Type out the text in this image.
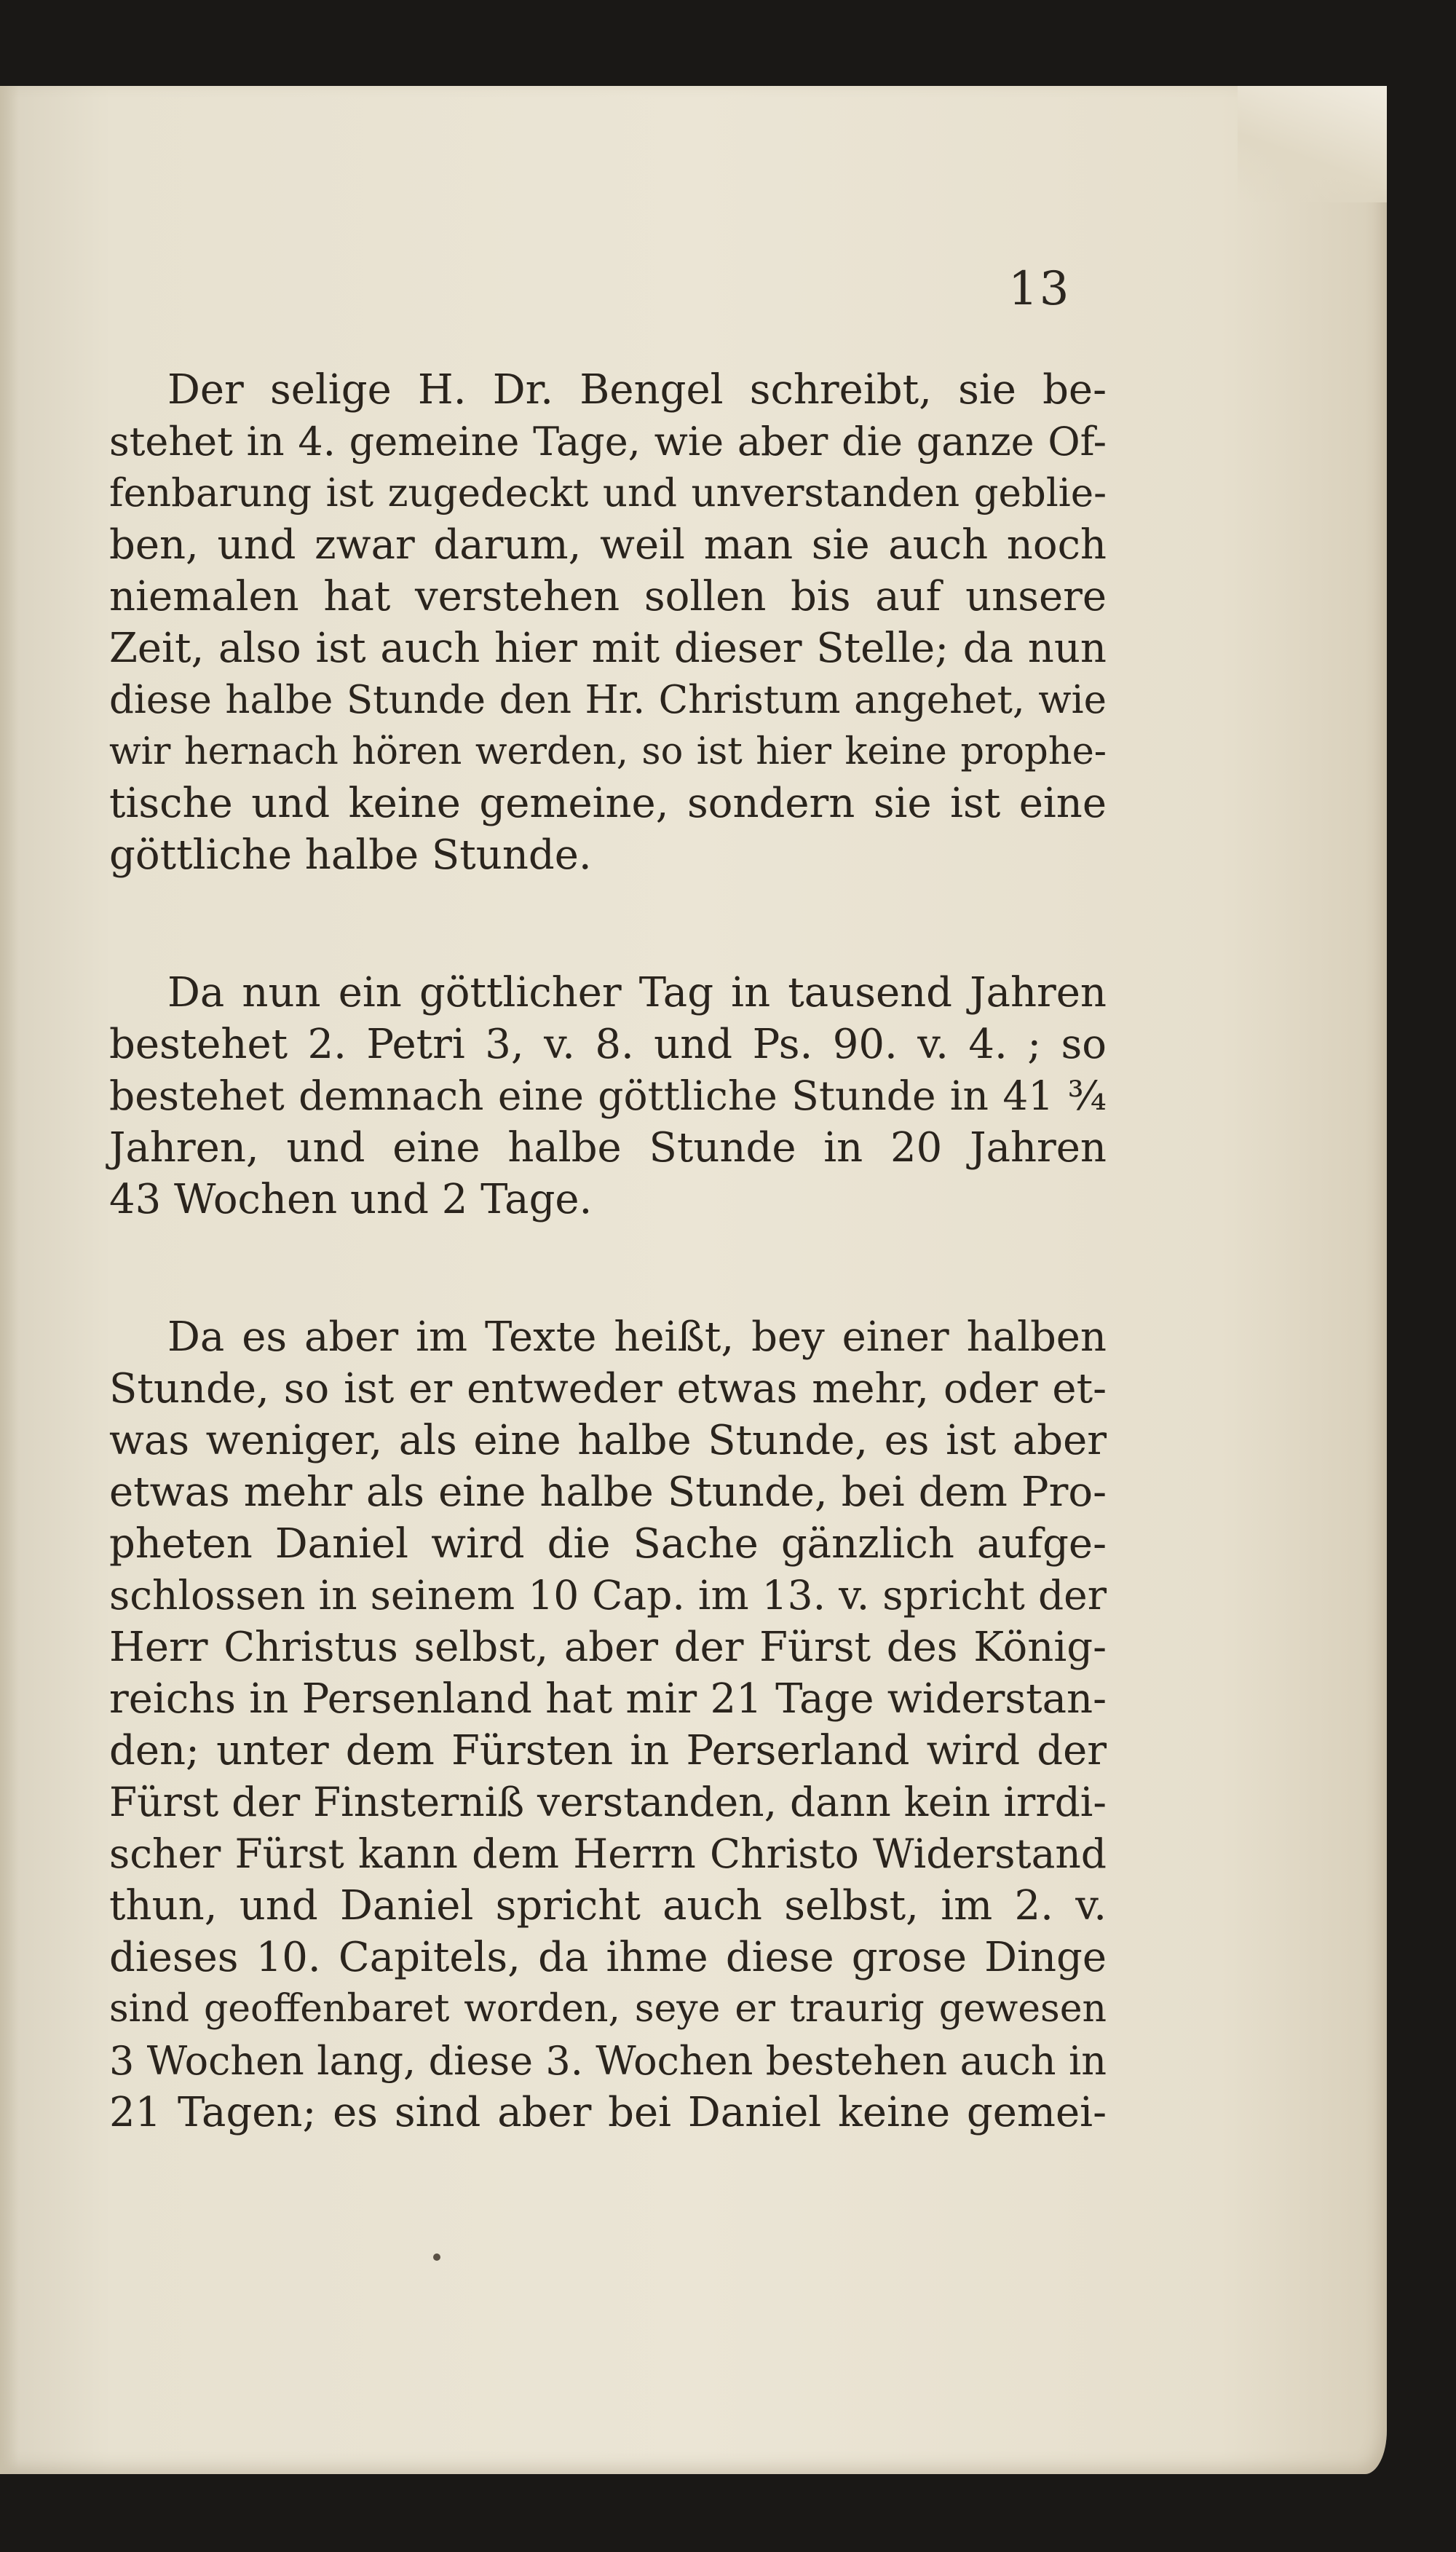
13
Der selige H. Dr. Bengel schreibt, sie be-
stehet in 4. gemeine Tage, wie aber die ganze Of-
fenbarung ist zugedeckt und unverstanden geblie-
ben, und zwar darum, weil man sie auch noch
niemalen hat verstehen sollen bis auf unsere
Zeit, also ist auch hier mit dieser Stelle; da nun
diese halbe Stunde den Hr. Christum angehet, wie
wir hernach hören werden, so ist hier keine prophe-
tische und keine gemeine, sondern sie ist eine
göttliche halbe Stunde.
Da nun ein göttlicher Tag in tausend Jahren
bestehet 2. Petri 3, v. 8. und Ps. 90. v. 4. ; so
bestehet demnach eine göttliche Stunde in 41 ¾
Jahren, und eine halbe Stunde in 20 Jahren
43 Wochen und 2 Tage.
Da es aber im Texte heißt, bey einer halben
Stunde, so ist er entweder etwas mehr, oder et-
was weniger, als eine halbe Stunde, es ist aber
etwas mehr als eine halbe Stunde, bei dem Pro-
pheten Daniel wird die Sache gänzlich aufge-
schlossen in seinem 10 Cap. im 13. v. spricht der
Herr Christus selbst, aber der Fürst des König-
reichs in Persenland hat mir 21 Tage widerstan-
den; unter dem Fürsten in Perserland wird der
Fürst der Finsterniß verstanden, dann kein irrdi-
scher Fürst kann dem Herrn Christo Widerstand
thun, und Daniel spricht auch selbst, im 2. v.
dieses 10. Capitels, da ihme diese grose Dinge
sind geoffenbaret worden, seye er traurig gewesen
3 Wochen lang, diese 3. Wochen bestehen auch in
21 Tagen; es sind aber bei Daniel keine gemei-
